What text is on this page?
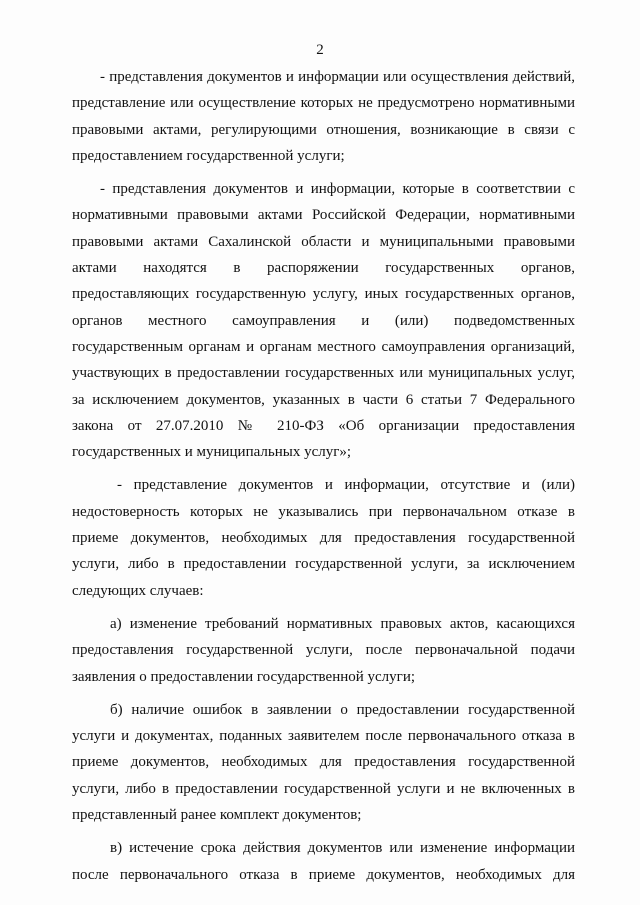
2
- представления документов и информации или осуществления действий,
представление или осуществление которых не предусмотрено нормативными
правовыми актами, регулирующими отношения, возникающие в связи с
предоставлением государственной услуги;
- представления документов и информации, которые в соответствии с
нормативными правовыми актами Российской Федерации, нормативными
правовыми актами Сахалинской области и муниципальными правовыми
актами находятся в распоряжении государственных органов,
предоставляющих государственную услугу, иных государственных органов,
органов местного самоуправления и (или) подведомственных
государственным органам и органам местного самоуправления организаций,
участвующих в предоставлении государственных или муниципальных услуг,
за исключением документов, указанных в части 6 статьи 7 Федерального
закона от 27.07.2010 № 210-ФЗ «Об организации предоставления
государственных и муниципальных услуг»;
- представление документов и информации, отсутствие и (или)
недостоверность которых не указывались при первоначальном отказе в
приеме документов, необходимых для предоставления государственной
услуги, либо в предоставлении государственной услуги, за исключением
следующих случаев:
а) изменение требований нормативных правовых актов, касающихся
предоставления государственной услуги, после первоначальной подачи
заявления о предоставлении государственной услуги;
б) наличие ошибок в заявлении о предоставлении государственной
услуги и документах, поданных заявителем после первоначального отказа в
приеме документов, необходимых для предоставления государственной
услуги, либо в предоставлении государственной услуги и не включенных в
представленный ранее комплект документов;
в) истечение срока действия документов или изменение информации
после первоначального отказа в приеме документов, необходимых для
